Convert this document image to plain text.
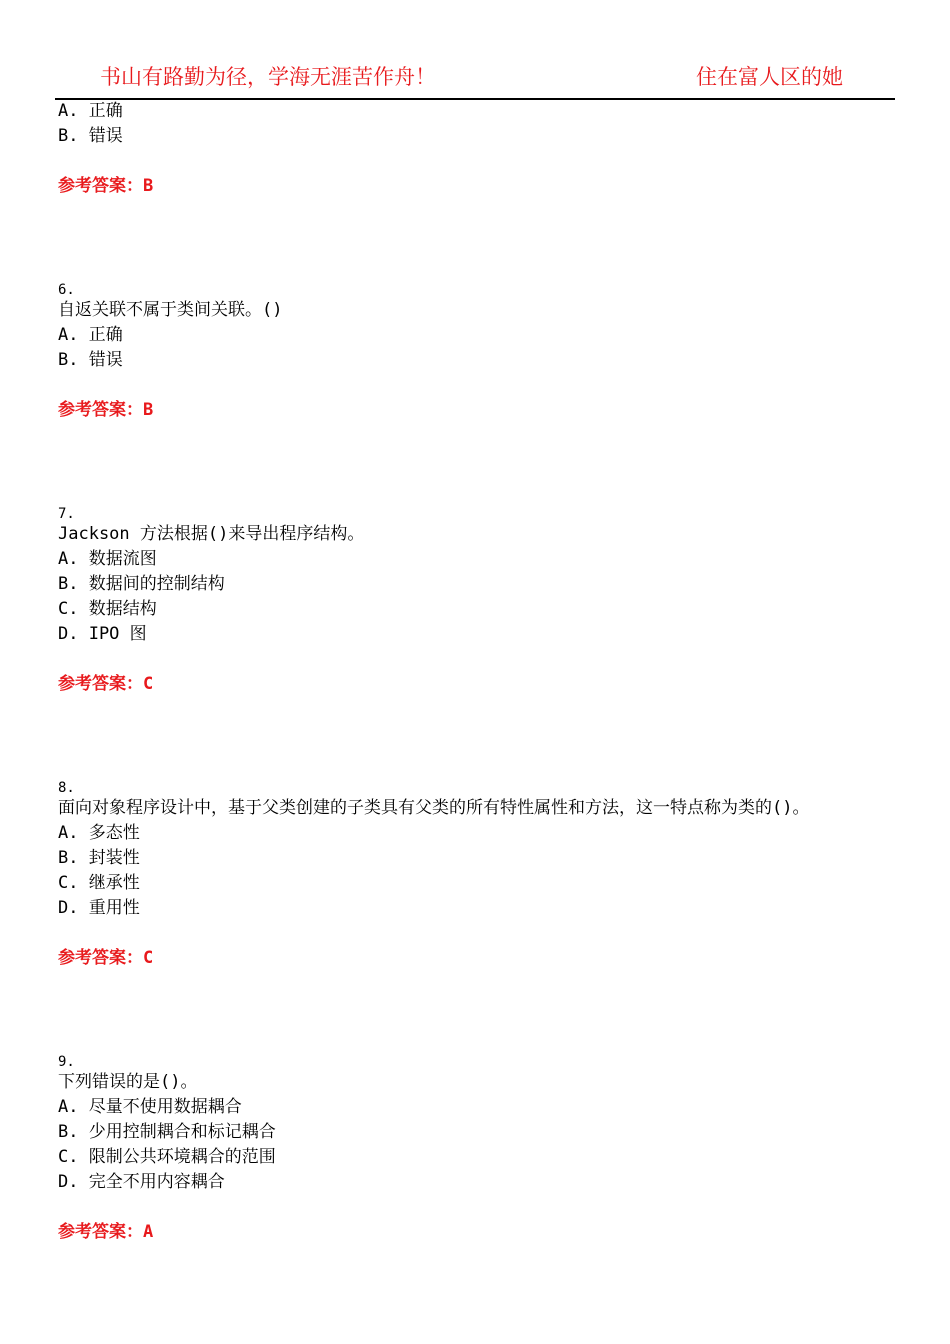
书山有路勤为径，学海无涯苦作舟！	住在富人区的她
A. 正确
B. 错误
参考答案：B
6.
自返关联不属于类间关联。()
A. 正确
B. 错误
参考答案：B
7.
Jackson 方法根据()来导出程序结构。
A. 数据流图
B. 数据间的控制结构
C. 数据结构
D. IPO 图
参考答案：C
8.
面向对象程序设计中，基于父类创建的子类具有父类的所有特性属性和方法，这一特点称为类的()。
A. 多态性
B. 封装性
C. 继承性
D. 重用性
参考答案：C
9.
下列错误的是()。
A. 尽量不使用数据耦合
B. 少用控制耦合和标记耦合
C. 限制公共环境耦合的范围
D. 完全不用内容耦合
参考答案：A
